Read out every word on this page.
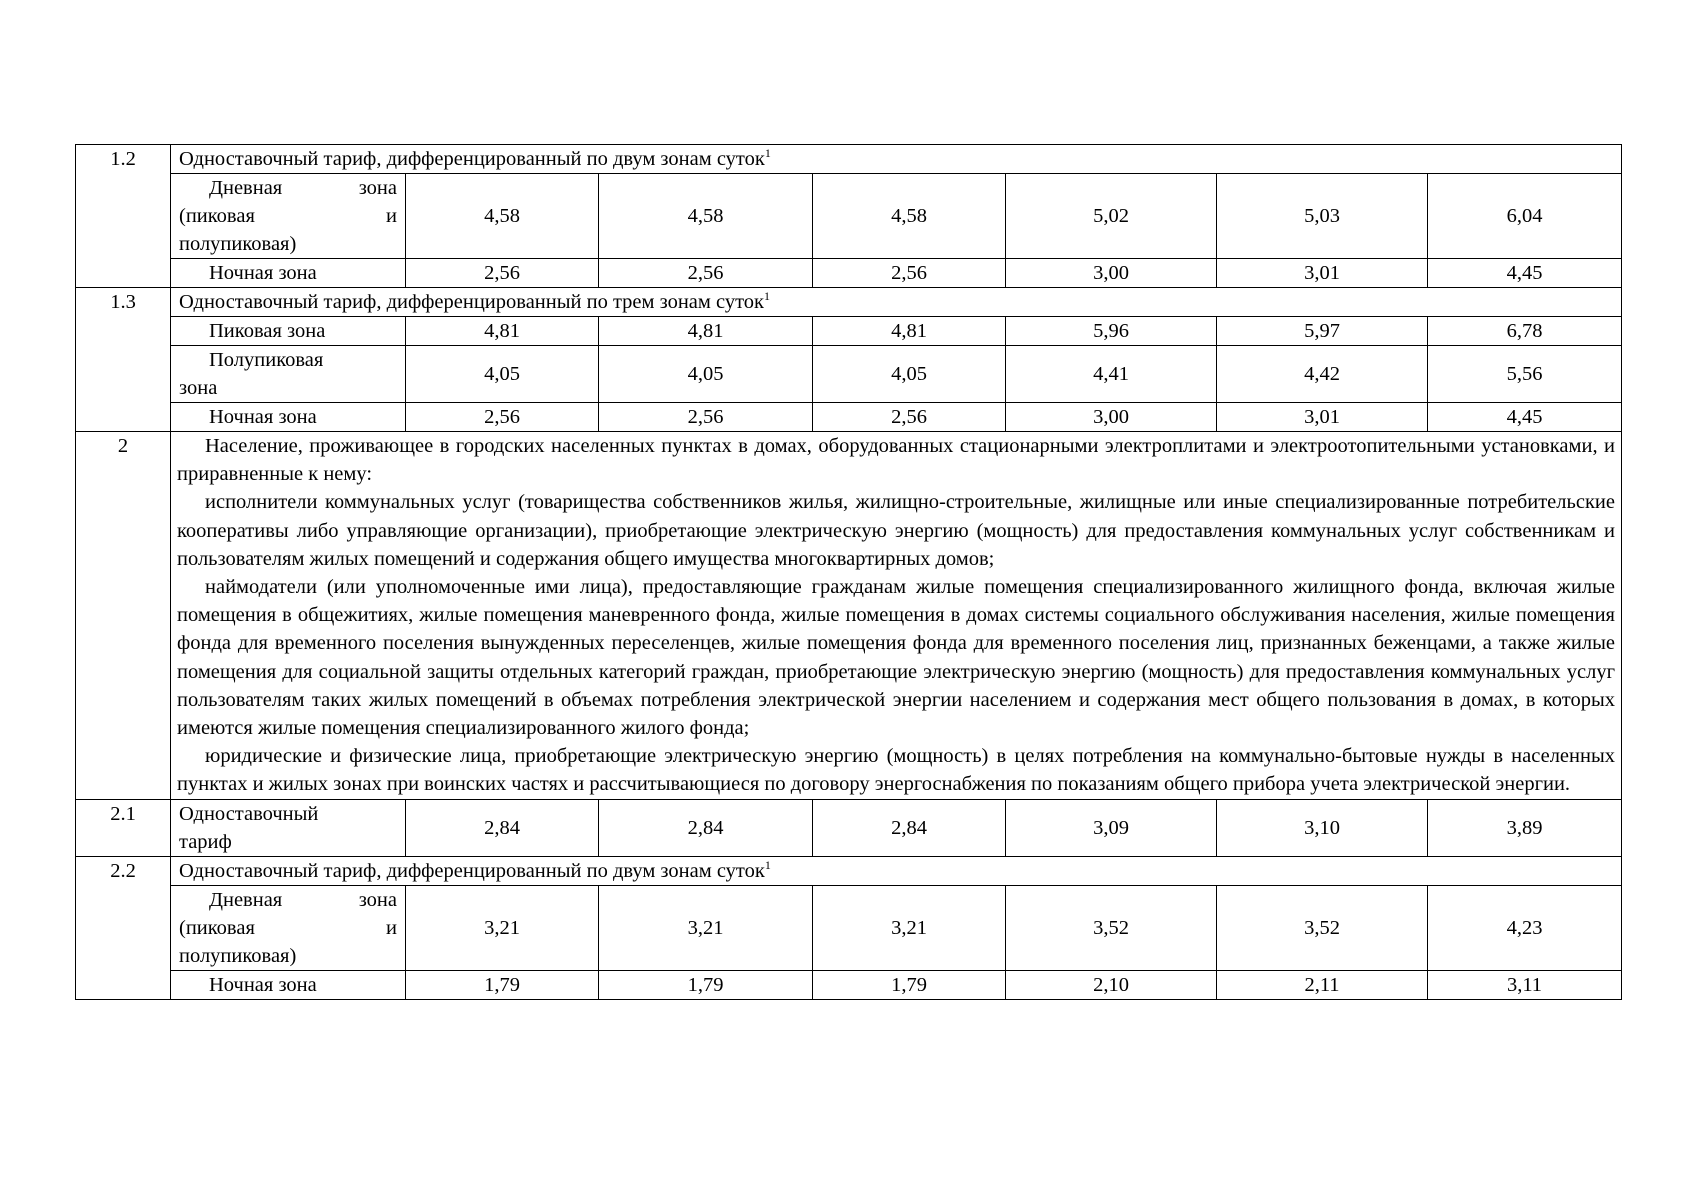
1.2	Одноставочный тариф, дифференцированный по двум зонам суток$^1$

	Дневная зона
(пиковая и
полупиковая)	4,58	4,58	4,58	5,02	5,03	6,04
	Ночная зона	2,56	2,56	2,56	3,00	3,01	4,45
1.3	Одноставочный тариф, дифференцированный по трем зонам суток$^1$
	Пиковая зона	4,81	4,81	4,81	5,96	5,97	6,78

	Полупиковая
зона	4,05	4,05	4,05	4,41	4,42	5,56
	Ночная зона	2,56	2,56	2,56	3,00	3,01	4,45
2	Население, проживающее в городских населенных пунктах в домах, оборудованных стационарными электроплитами и электроотопительными установками, и приравненные к нему:

исполнители коммунальных услуг (товарищества собственников жилья, жилищно-строительные, жилищные или иные специализированные потребительские кооперативы либо управляющие организации), приобретающие электрическую энергию (мощность) для предоставления коммунальных услуг собственникам и пользователям жилых помещений и содержания общего имущества многоквартирных домов;

наймодатели (или уполномоченные ими лица), предоставляющие гражданам жилые помещения специализированного жилищного фонда, включая жилые помещения в общежитиях, жилые помещения маневренного фонда, жилые помещения в домах системы социального обслуживания населения, жилые помещения фонда для временного поселения вынужденных переселенцев, жилые помещения фонда для временного поселения лиц, признанных беженцами, а также жилые помещения для социальной защиты отдельных категорий граждан, приобретающие электрическую энергию (мощность) для предоставления коммунальных услуг пользователям таких жилых помещений в объемах потребления электрической энергии населением и содержания мест общего пользования в домах, в которых имеются жилые помещения специализированного жилого фонда;

юридические и физические лица, приобретающие электрическую энергию (мощность) в целях потребления на коммунально-бытовые нужды в населенных пунктах и жилых зонах при воинских частях и рассчитывающиеся по договору энергоснабжения по показаниям общего прибора учета электрической энергии.						

2.1	Одноставочный
тариф	2,84	2,84	2,84	3,09	3,10	3,89
2.2	Одноставочный тариф, дифференцированный по двум зонам суток$^1$

	Дневная зона
(пиковая и
полупиковая)	3,21	3,21	3,21	3,52	3,52	4,23
	Ночная зона	1,79	1,79	1,79	2,10	2,11	3,11
